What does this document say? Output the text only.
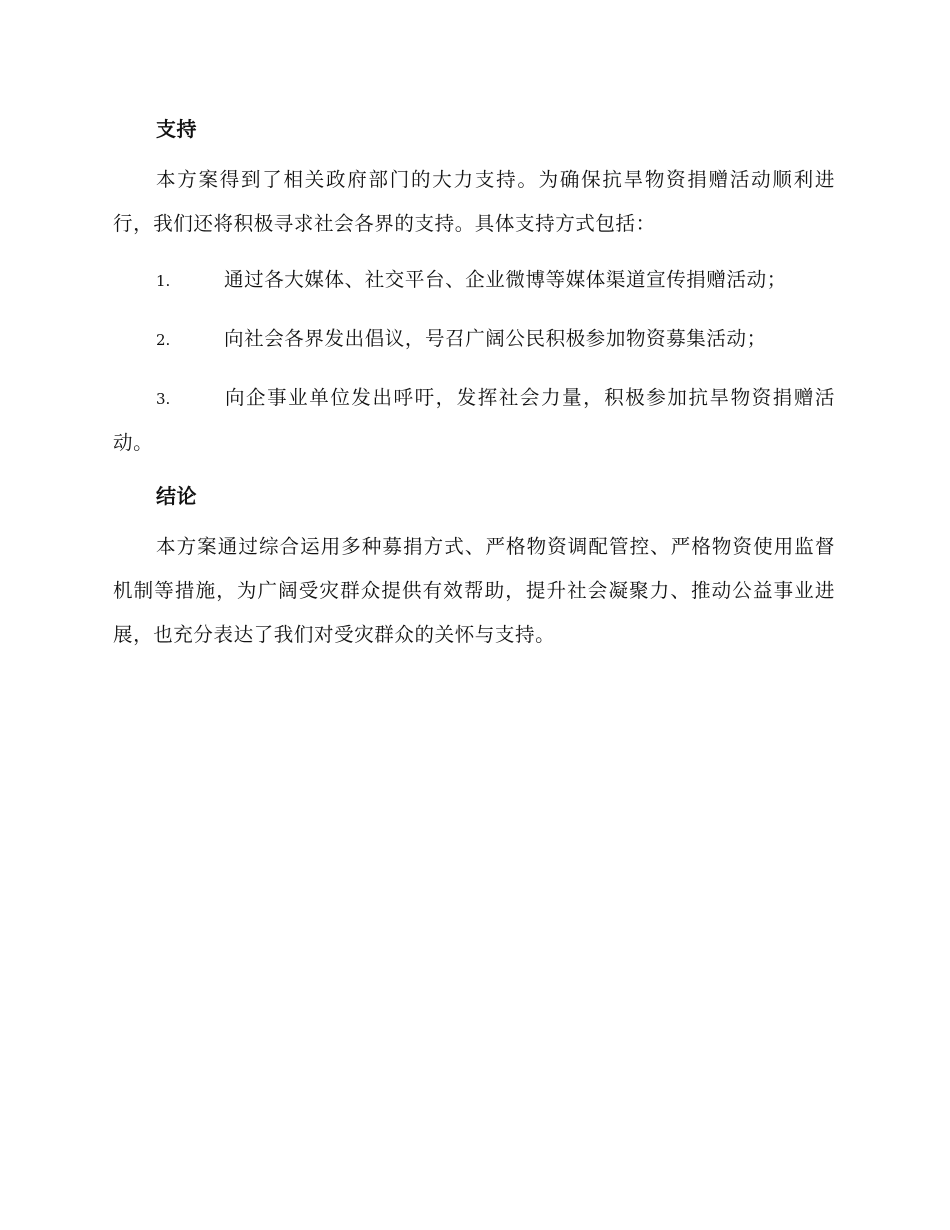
支持

本方案得到了相关政府部门的大力支持。为确保抗旱物资捐赠活动顺利进行，我们还将积极寻求社会各界的支持。具体支持方式包括：

1.	通过各大媒体、社交平台、企业微博等媒体渠道宣传捐赠活动；
2.	向社会各界发出倡议，号召广阔公民积极参加物资募集活动；
3.	向企事业单位发出呼吁，发挥社会力量，积极参加抗旱物资捐赠活动。
结论

本方案通过综合运用多种募捐方式、严格物资调配管控、严格物资使用监督机制等措施，为广阔受灾群众提供有效帮助，提升社会凝聚力、推动公益事业进展，也充分表达了我们对受灾群众的关怀与支持。
